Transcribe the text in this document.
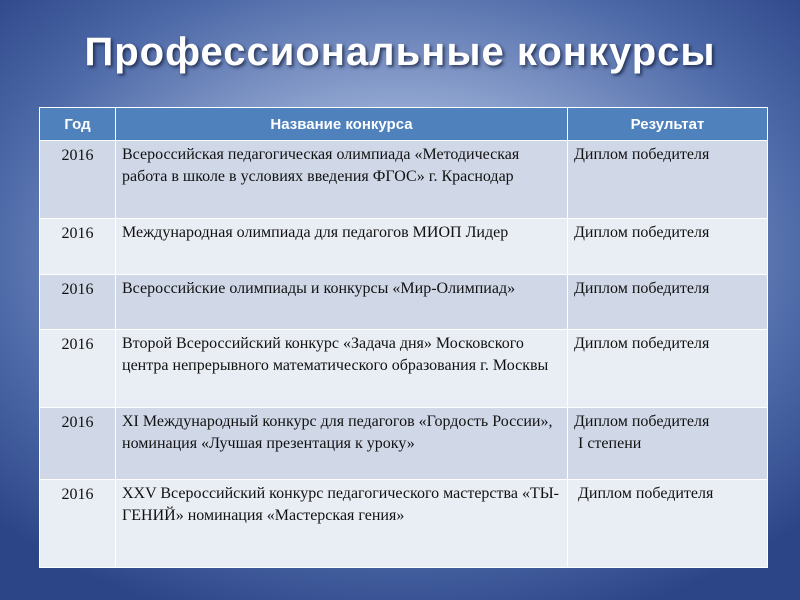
Профессиональные конкурсы
Год	Название конкурса	Результат
2016	Всероссийская педагогическая олимпиада «Методическая работа в школе в условиях введения ФГОС» г. Краснодар	Диплом победителя

2016	Международная олимпиада для педагогов МИОП Лидер	Диплом победителя

2016	Всероссийские олимпиады и конкурсы «Мир-Олимпиад»	Диплом победителя

2016	Второй Всероссийский конкурс «Задача дня» Московского центра непрерывного математического образования г. Москвы	Диплом победителя

2016	XI Международный конкурс для педагогов «Гордость России», номинация «Лучшая презентация к уроку»	Диплом победителя
I степени

2016	XXV Всероссийский конкурс педагогического мастерства «ТЫ-ГЕНИЙ» номинация «Мастерская гения»	Диплом победителя
